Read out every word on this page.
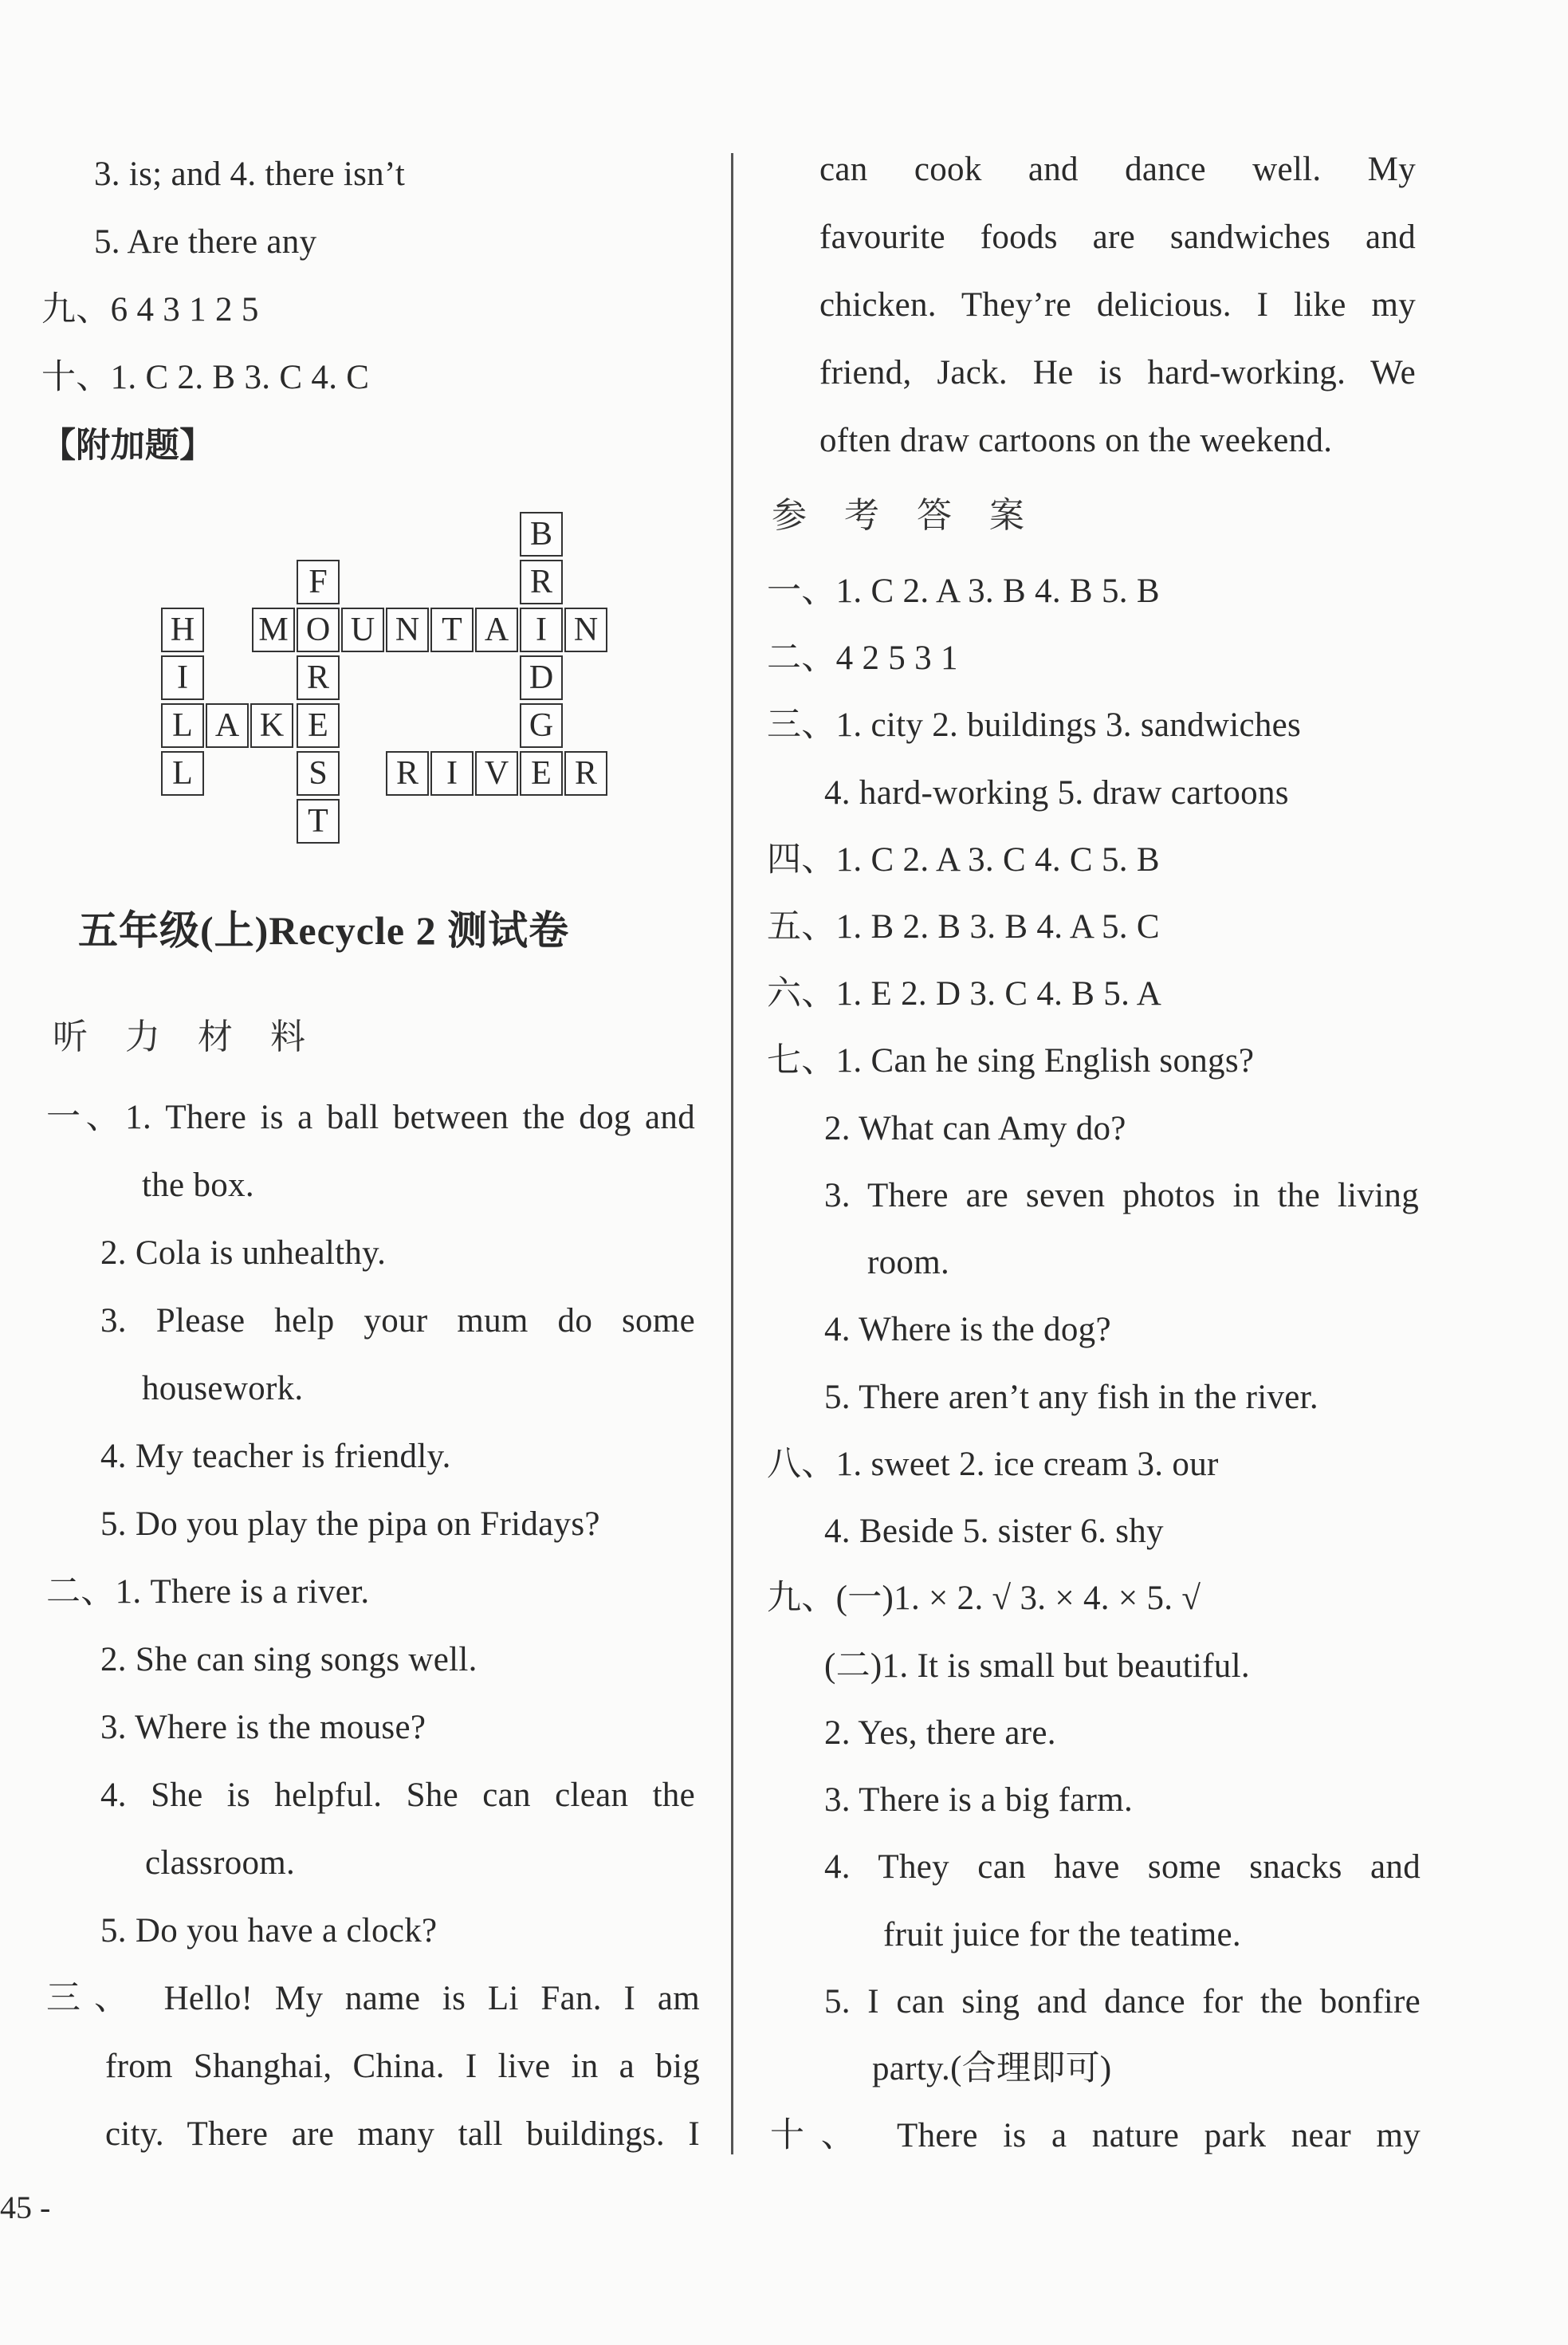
3. is; and 4. there isn’t
5. Are there any
九、6 4 3 1 2 5
十、1. C 2. B 3. C 4. C
【附加题】
B
F	R
H M O U N T A I N
I	R	D
L A K E	G
L	S	R I V E R
T
五年级(上)Recycle 2 测试卷
听 力 材 料
一、1. There is a ball between the dog and
the box.
2. Cola is unhealthy.
3. Please help your mum do some
housework.
4. My teacher is friendly.
5. Do you play the pipa on Fridays?
二、1. There is a river.
2. She can sing songs well.
3. Where is the mouse?
4. She is helpful. She can clean the
classroom.
5. Do you have a clock?
三、 Hello! My name is Li Fan. I am
from Shanghai, China. I live in a big
city. There are many tall buildings. I
can cook and dance well. My
favourite foods are sandwiches and
chicken. They’re delicious. I like my
friend, Jack. He is hard-working. We
often draw cartoons on the weekend.
参 考 答 案
一、1. C 2. A 3. B 4. B 5. B
二、4 2 5 3 1
三、1. city 2. buildings 3. sandwiches
4. hard-working 5. draw cartoons
四、1. C 2. A 3. C 4. C 5. B
五、1. B 2. B 3. B 4. A 5. C
六、1. E 2. D 3. C 4. B 5. A
七、1. Can he sing English songs?
2. What can Amy do?
3. There are seven photos in the living
room.
4. Where is the dog?
5. There aren’t any fish in the river.
八、1. sweet 2. ice cream 3. our
4. Beside 5. sister 6. shy
九、(一)1. × 2. √ 3. × 4. × 5. √
(二)1. It is small but beautiful.
2. Yes, there are.
3. There is a big farm.
4. They can have some snacks and
fruit juice for the teatime.
5. I can sing and dance for the bonfire
party.(合理即可)
十、 There is a nature park near my
45 -
